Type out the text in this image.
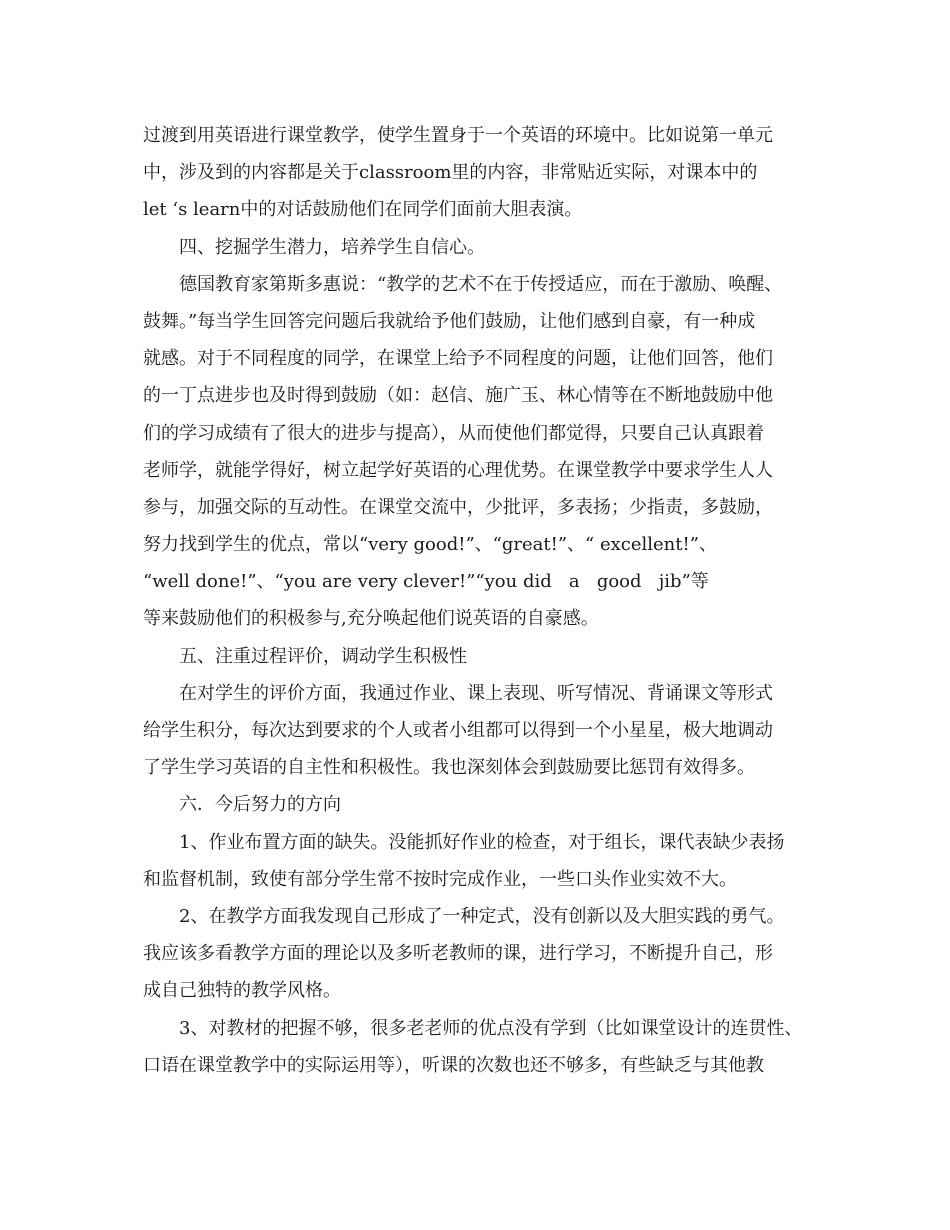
过渡到用英语进行课堂教学，使学生置身于一个英语的环境中。比如说第一单元
中，涉及到的内容都是关于classroom里的内容，非常贴近实际，对课本中的
let ‘s learn中的对话鼓励他们在同学们面前大胆表演。
四、挖掘学生潜力，培养学生自信心。
德国教育家第斯多惠说：“教学的艺术不在于传授适应，而在于激励、唤醒、
鼓舞。”每当学生回答完问题后我就给予他们鼓励，让他们感到自豪，有一种成
就感。对于不同程度的同学，在课堂上给予不同程度的问题，让他们回答，他们
的一丁点进步也及时得到鼓励（如：赵信、施广玉、林心情等在不断地鼓励中他
们的学习成绩有了很大的进步与提高），从而使他们都觉得，只要自己认真跟着
老师学，就能学得好，树立起学好英语的心理优势。在课堂教学中要求学生人人
参与，加强交际的互动性。在课堂交流中，少批评，多表扬；少指责，多鼓励，
努力找到学生的优点，常以“very good!”、“great!”、“ excellent!”、
“well done!”、“you are very clever!”“you did   a   good   jib”等
等来鼓励他们的积极参与,充分唤起他们说英语的自豪感。
五、注重过程评价，调动学生积极性
在对学生的评价方面，我通过作业、课上表现、听写情况、背诵课文等形式
给学生积分，每次达到要求的个人或者小组都可以得到一个小星星，极大地调动
了学生学习英语的自主性和积极性。我也深刻体会到鼓励要比惩罚有效得多。
六．今后努力的方向
1、作业布置方面的缺失。没能抓好作业的检查，对于组长，课代表缺少表扬
和监督机制，致使有部分学生常不按时完成作业，一些口头作业实效不大。
2、在教学方面我发现自己形成了一种定式，没有创新以及大胆实践的勇气。
我应该多看教学方面的理论以及多听老教师的课，进行学习，不断提升自己，形
成自己独特的教学风格。
3、对教材的把握不够，很多老老师的优点没有学到（比如课堂设计的连贯性、
口语在课堂教学中的实际运用等），听课的次数也还不够多，有些缺乏与其他教
